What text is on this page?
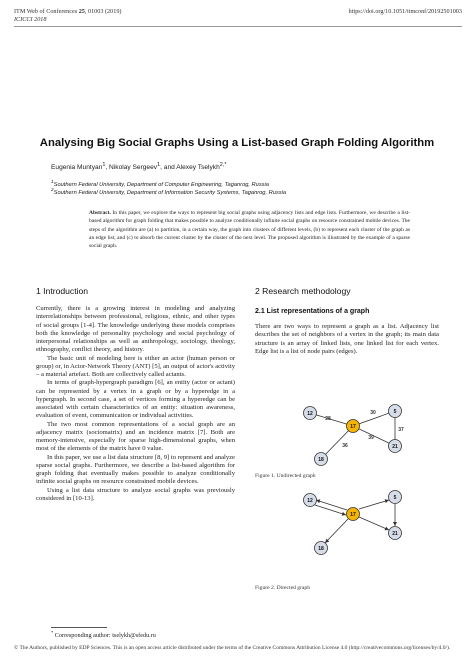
ITM Web of Conferences 25, 01003 (2019)
ICICCI 2018
https://doi.org/10.1051/itmconf/20192501003
Analysing Big Social Graphs Using a List-based Graph Folding Algorithm
Eugenia Muntyan$^1$, Nikolay Sergeev$^1$, and Alexey Tselykh$^{2,*}$
$^1$Southern Federal University, Department of Computer Engineering, Taganrog, Russia
$^2$Southern Federal University, Department of Information Security Systems, Taganrog, Russia
Abstract. In this paper, we explore the ways to represent big social graphs using adjacency lists and edge lists. Furthermore, we describe a list-based algorithm for graph folding that makes possible to analyze conditionally infinite social graphs on resource constrained mobile devices. The steps of the algorithm are (a) to partition, in a certain way, the graph into clusters of different levels, (b) to represent each cluster of the graph as an edge list, and (c) to absorb the current cluster by the cluster of the next level. The proposed algorithm is illustrated by the example of a sparse social graph.
1 Introduction

Currently, there is a growing interest in modeling and analyzing interrelationships between professional, religious, ethnic, and other types of social groups [1-4]. The knowledge underlying these models comprises both the knowledge of personality psychology and social psychology of interpersonal relationships as well as anthropology, sociology, theology, ethnography, conflict theory, and history.

The basic unit of modeling here is either an actor (human person or group) or, in Actor-Network Theory (ANT) [5], an output of actor's activity – a material artefact. Both are collectively called actants.

In terms of graph-hypergraph paradigm [6], an entity (actor or actant) can be represented by a vertex in a graph or by a hyperedge in a hypergraph. In second case, a set of vertices forming a hyperedge can be associated with certain characteristics of an entity: situation awareness, evaluation of event, communication or individual activities.

The two most common representations of a social graph are an adjacency matrix (sociomatrix) and an incidence matrix [7]. Both are memory-intensive, especially for sparse high-dimensional graphs, when most of the elements of the matrix have 0 value.

In this paper, we use a list data structure [8, 9] to represent and analyze sparse social graphs. Furthermore, we describe a list-based algorithm for graph folding that eventually makes possible to analyze conditionally infinite social graphs on resource constrained mobile devices.

Using a list data structure to analyze social graphs was previously considered in [10-13].

2 Research methodology
2.1 List representations of a graph

There are two ways to represent a graph as a list. Adjacency list describes the set of neighbors of a vertex in the graph; its main data structure is an array of linked lists, one linked list for each vertex. Edge list is a list of node pairs (edges).

28
30
37
39
36
12	5
17
21
18
Figure 1. Undirected graph
12	5
17
21
18
Figure 2. Directed graph
* Corresponding author: tselykh@sfedu.ru
© The Authors, published by EDP Sciences. This is an open access article distributed under the terms of the Creative Commons Attribution License 4.0 (http://creativecommons.org/licenses/by/4.0/).
